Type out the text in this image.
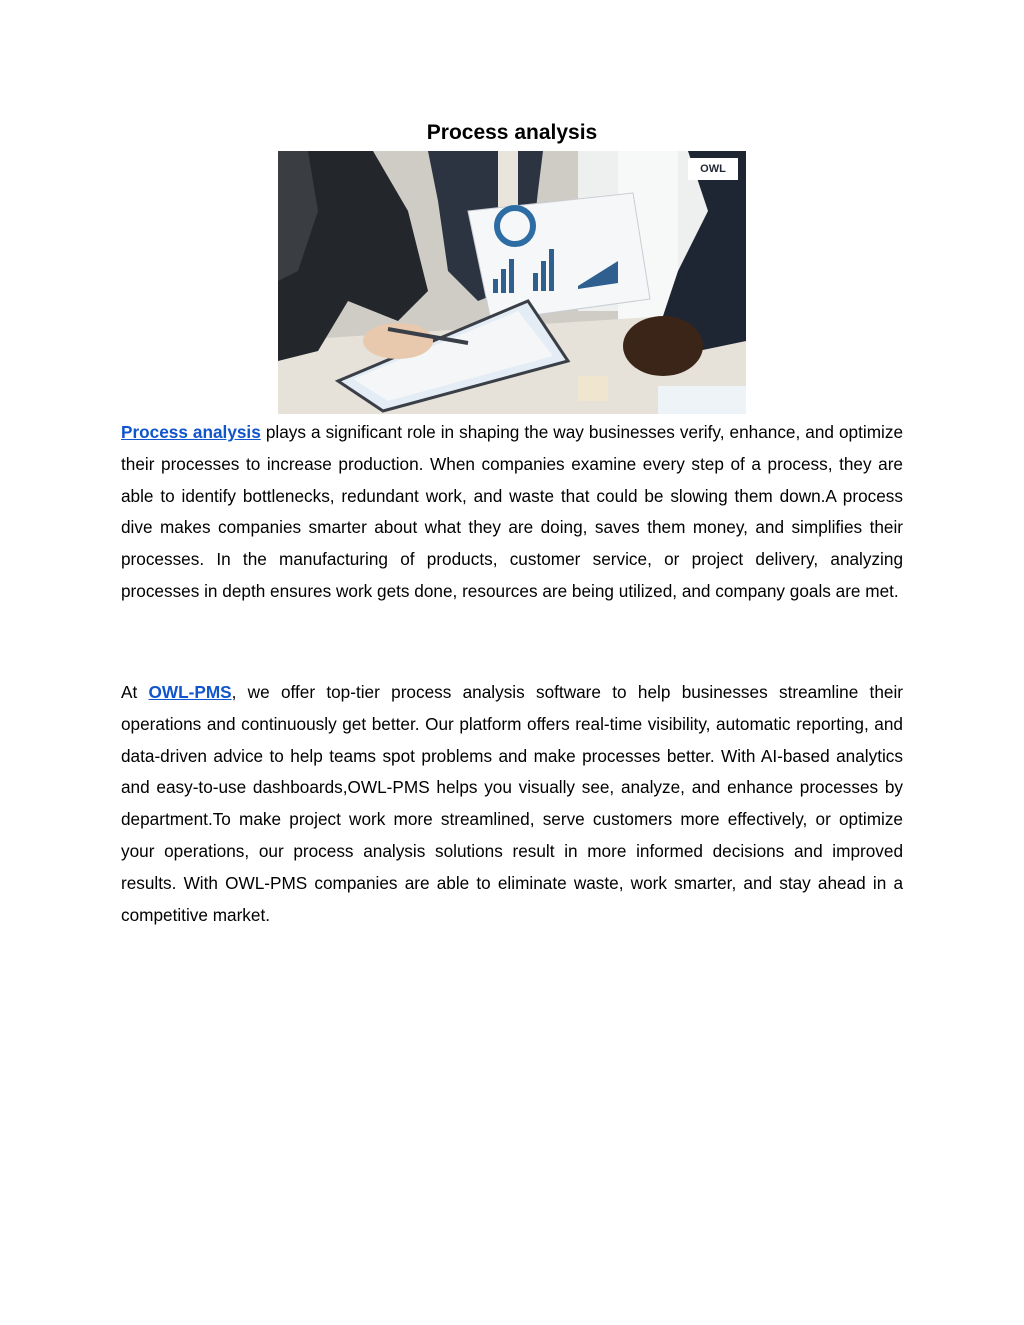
Process analysis
OWL

Process analysis plays a significant role in shaping the way businesses verify, enhance, and optimize their processes to increase production. When companies examine every step of a process, they are able to identify bottlenecks, redundant work, and waste that could be slowing them down.A process dive makes companies smarter about what they are doing, saves them money, and simplifies their processes. In the manufacturing of products, customer service, or project delivery, analyzing processes in depth ensures work gets done, resources are being utilized, and company goals are met.

At OWL-PMS, we offer top-tier process analysis software to help businesses streamline their operations and continuously get better. Our platform offers real-time visibility, automatic reporting, and data-driven advice to help teams spot problems and make processes better. With AI-based analytics and easy-to-use dashboards,OWL-PMS helps you visually see, analyze, and enhance processes by department.To make project work more streamlined, serve customers more effectively, or optimize your operations, our process analysis solutions result in more informed decisions and improved results. With OWL-PMS companies are able to eliminate waste, work smarter, and stay ahead in a competitive market.
